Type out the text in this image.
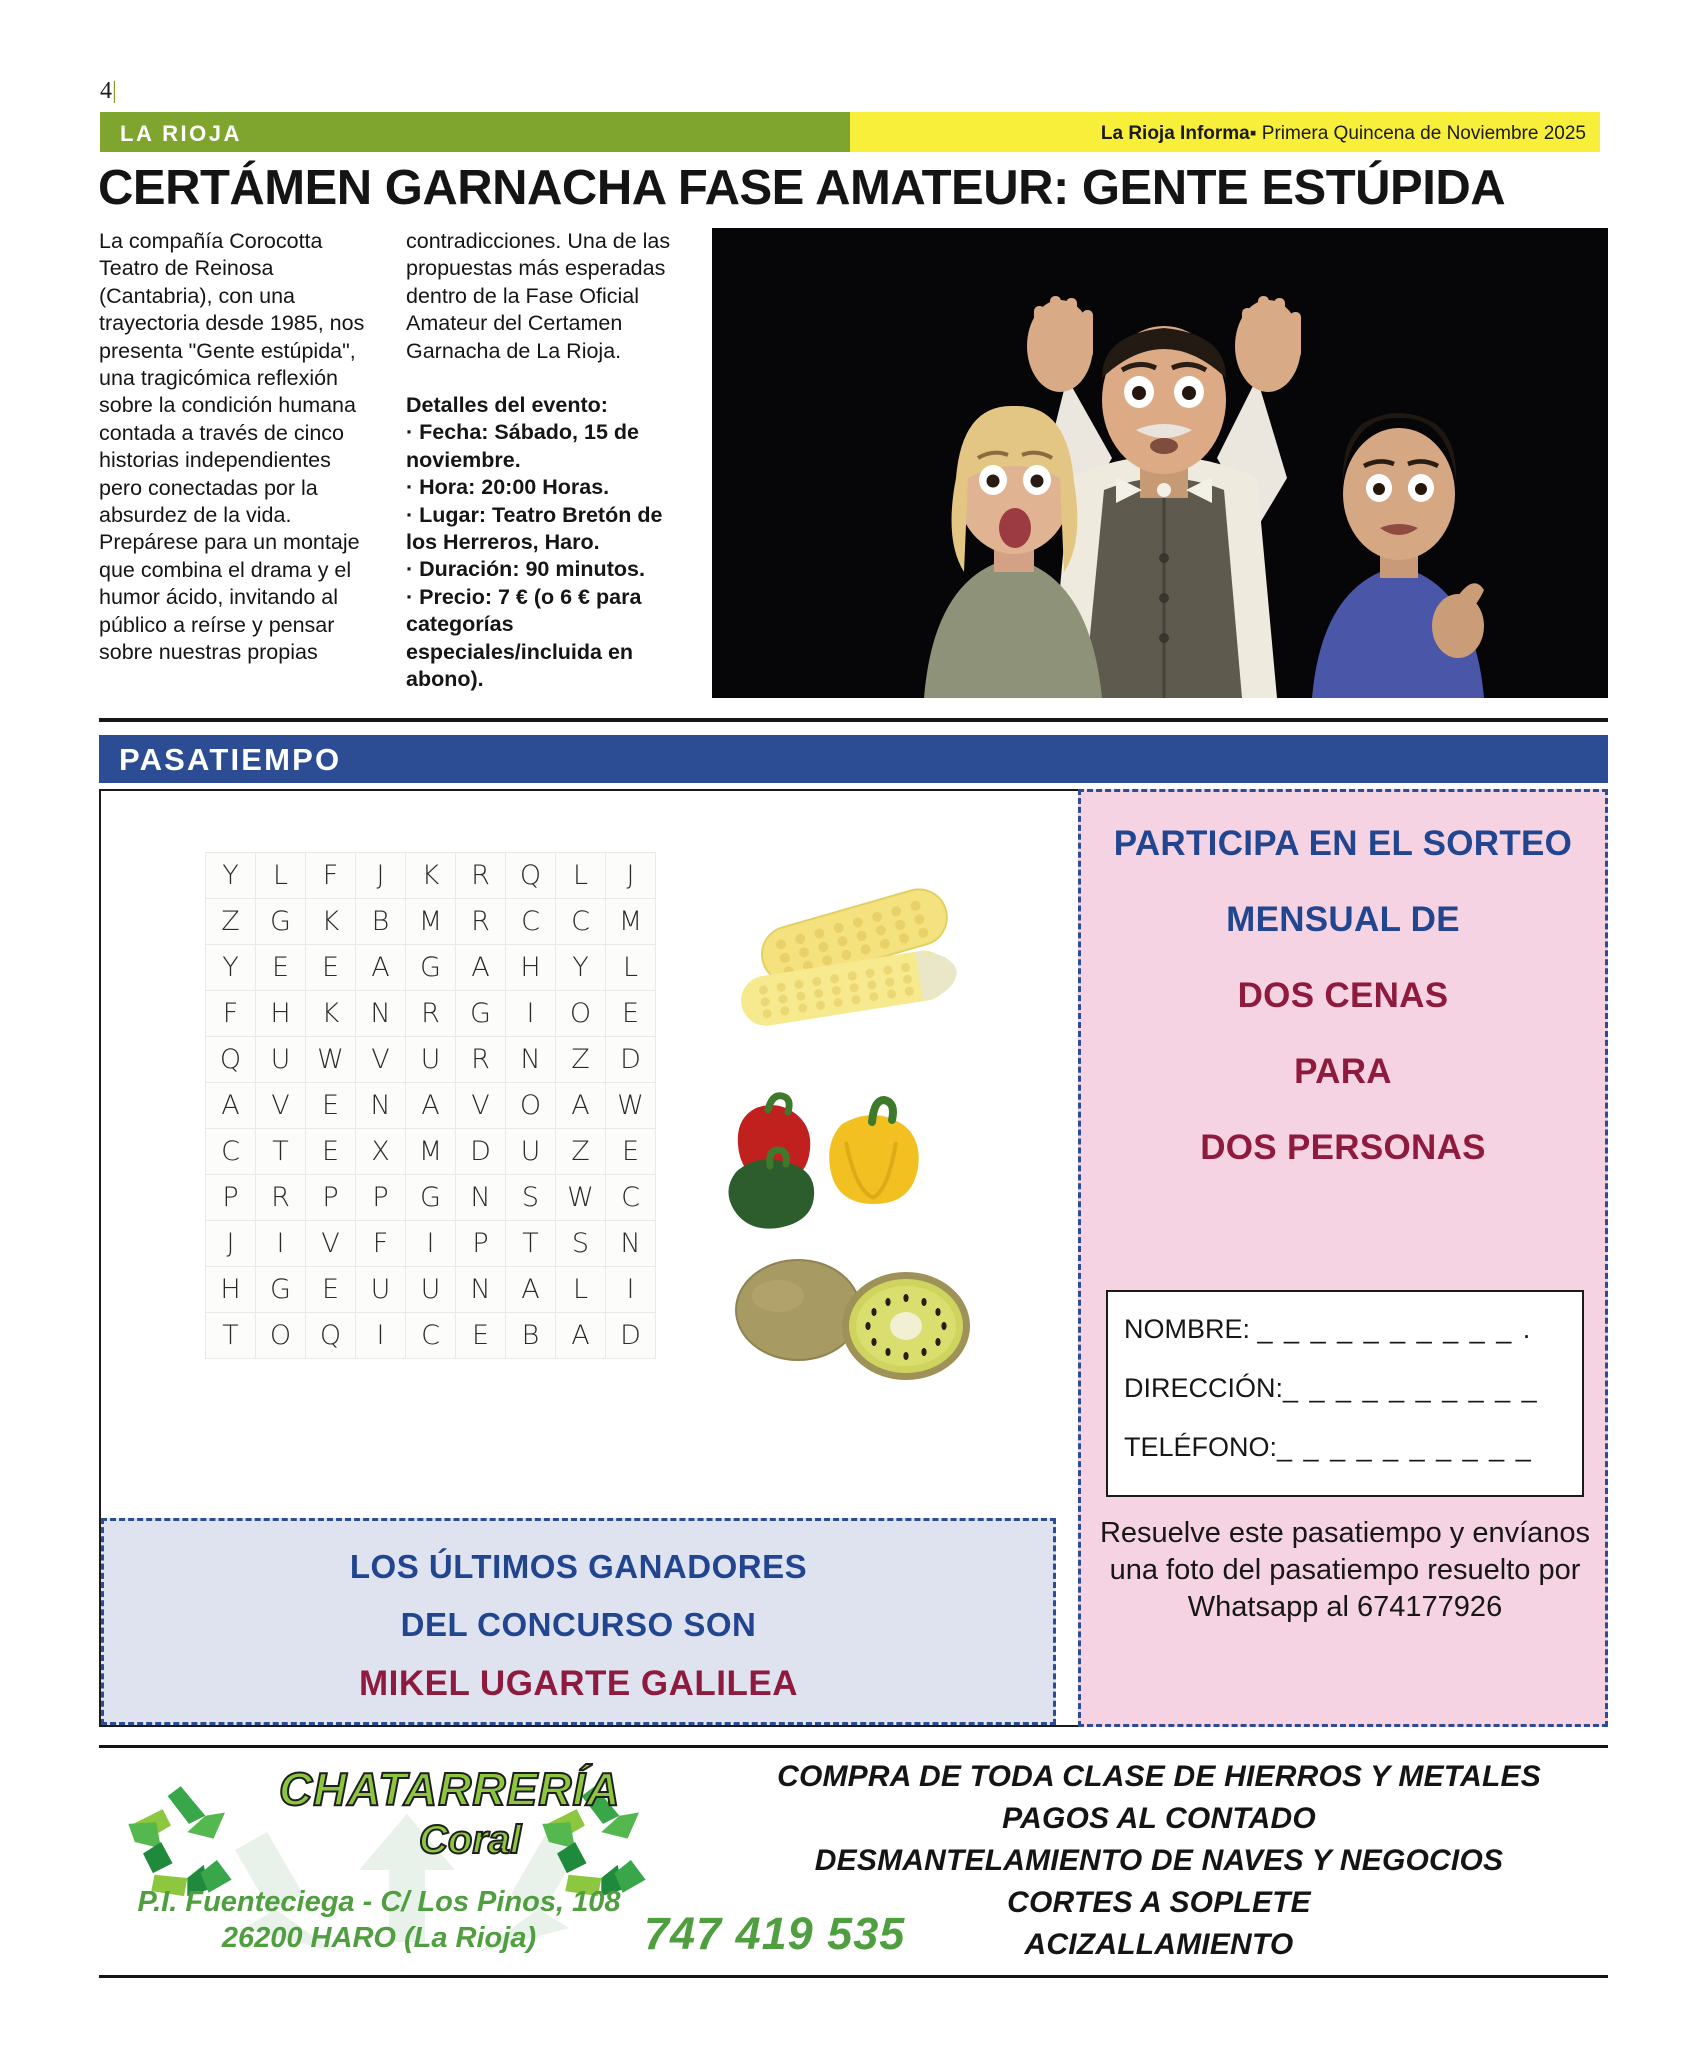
4|
LA RIOJA	La Rioja Informa▪ Primera Quincena de Noviembre 2025
CERTÁMEN GARNACHA FASE AMATEUR: GENTE ESTÚPIDA

La compañía Corocotta Teatro de Reinosa (Cantabria), con una trayectoria desde 1985, nos presenta "Gente estúpida", una tragicómica reflexión sobre la condición humana contada a través de cinco historias independientes pero conectadas por la absurdez de la vida. Prepárese para un montaje que combina el drama y el humor ácido, invitando al público a reírse y pensar sobre nuestras propias

contradicciones. Una de las propuestas más esperadas dentro de la Fase Oficial Amateur del Certamen Garnacha de La Rioja.

Detalles del evento:

· Fecha: Sábado, 15 de noviembre.

· Hora: 20:00 Horas.

· Lugar: Teatro Bretón de los Herreros, Haro.

· Duración: 90 minutos.

· Precio: 7 € (o 6 € para categorías especiales/incluida en abono).

PASATIEMPO
Y	L	F	J	K	R	Q	L	J
Z	G	K	B	M	R	C	C	M
Y	E	E	A	G	A	H	Y	L
F	H	K	N	R	G	I	O	E
Q	U	W	V	U	R	N	Z	D
A	V	E	N	A	V	O	A	W
C	T	E	X	M	D	U	Z	E
P	R	P	P	G	N	S	W	C
J	I	V	F	I	P	T	S	N
H	G	E	U	U	N	A	L	I
T	O	Q	I	C	E	B	A	D
LOS ÚLTIMOS GANADORES
DEL CONCURSO SON
MIKEL UGARTE GALILEA
PARTICIPA EN EL SORTEO
MENSUAL DE
DOS CENAS
PARA
DOS PERSONAS
NOMBRE: _ _ _ _ _ _ _ _ _ _ .
DIRECCIÓN:_ _ _ _ _ _ _ _ _ _
TELÉFONO:_ _ _ _ _ _ _ _ _ _
Resuelve este pasatiempo y envíanos una foto del pasatiempo resuelto por Whatsapp al 674177926
CHATARRERÍA
Coral
P.I. Fuenteciega - C/ Los Pinos, 108
26200 HARO (La Rioja)	747 419 535
COMPRA DE TODA CLASE DE HIERROS Y METALES
PAGOS AL CONTADO
DESMANTELAMIENTO DE NAVES Y NEGOCIOS
CORTES A SOPLETE
ACIZALLAMIENTO
